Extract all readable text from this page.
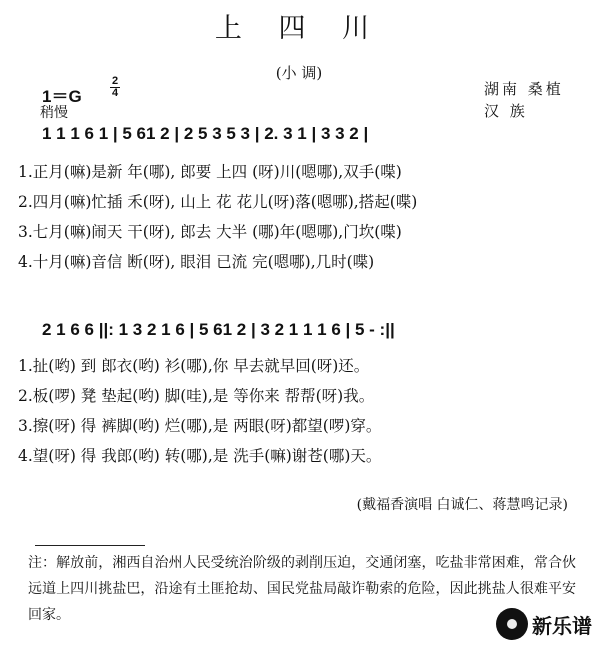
上 四 川
(小 调)
1＝G
2
4
稍慢
湖南 桑植
汉 族
1 1 1 6 1 | 5 61 2 | 2 5 3 5 3 | 2. 3 1 | 3 3 2 |
1.正月(嘛)是新 年(哪), 郎要 上四 (呀)川(嗯哪),双手(喋)
2.四月(嘛)忙插 禾(呀), 山上 花 花儿(呀)落(嗯哪),搭起(喋)
3.七月(嘛)闹天 干(呀), 郎去 大半 (哪)年(嗯哪),门坎(喋)
4.十月(嘛)音信 断(呀), 眼泪 已流 完(嗯哪),几时(喋)
2 1 6 6 ||: 1 3 2 1 6 | 5 61 2 | 3 2 1 1 1 6 | 5 - :||
1.扯(哟) 到 郎衣(哟) 衫(哪),你 早去就早回(呀)还。
2.板(啰) 凳 垫起(哟) 脚(哇),是 等你来 帮帮(呀)我。
3.擦(呀) 得 裤脚(哟) 烂(哪),是 两眼(呀)都望(啰)穿。
4.望(呀) 得 我郎(哟) 转(哪),是 洗手(嘛)谢苍(哪)天。
(戴福香演唱 白诚仁、蒋慧鸣记录)
注：解放前，湘西自治州人民受统治阶级的剥削压迫，交通闭塞，吃盐非常困难，常合伙远道上四川挑盐巴，沿途有土匪抢劫、国民党盐局敲诈勒索的危险，因此挑盐人很难平安回家。	新乐谱
